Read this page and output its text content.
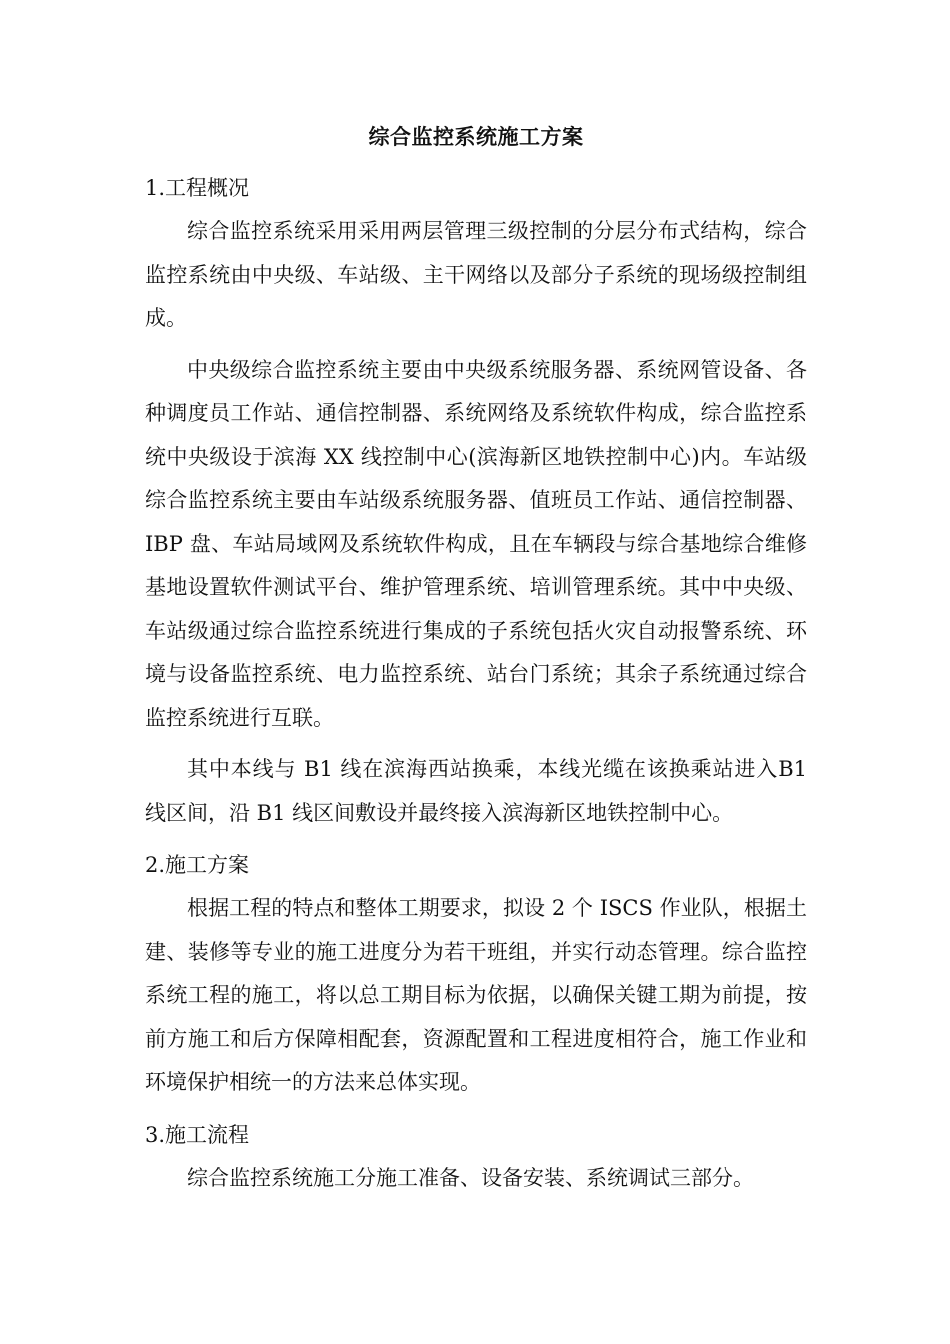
综合监控系统施工方案

1.工程概况

综合监控系统采用采用两层管理三级控制的分层分布式结构，综合监控系统由中央级、车站级、主干网络以及部分子系统的现场级控制组成。

中央级综合监控系统主要由中央级系统服务器、系统网管设备、各种调度员工作站、通信控制器、系统网络及系统软件构成，综合监控系统中央级设于滨海 XX 线控制中心(滨海新区地铁控制中心)内。车站级综合监控系统主要由车站级系统服务器、值班员工作站、通信控制器、IBP 盘、车站局域网及系统软件构成，且在车辆段与综合基地综合维修基地设置软件测试平台、维护管理系统、培训管理系统。其中中央级、车站级通过综合监控系统进行集成的子系统包括火灾自动报警系统、环境与设备监控系统、电力监控系统、站台门系统；其余子系统通过综合监控系统进行互联。

其中本线与 B1 线在滨海西站换乘，本线光缆在该换乘站进入B1 线区间，沿 B1 线区间敷设并最终接入滨海新区地铁控制中心。

2.施工方案

根据工程的特点和整体工期要求，拟设 2 个 ISCS 作业队，根据土建、装修等专业的施工进度分为若干班组，并实行动态管理。综合监控系统工程的施工，将以总工期目标为依据，以确保关键工期为前提，按前方施工和后方保障相配套，资源配置和工程进度相符合，施工作业和环境保护相统一的方法来总体实现。

3.施工流程

综合监控系统施工分施工准备、设备安装、系统调试三部分。
